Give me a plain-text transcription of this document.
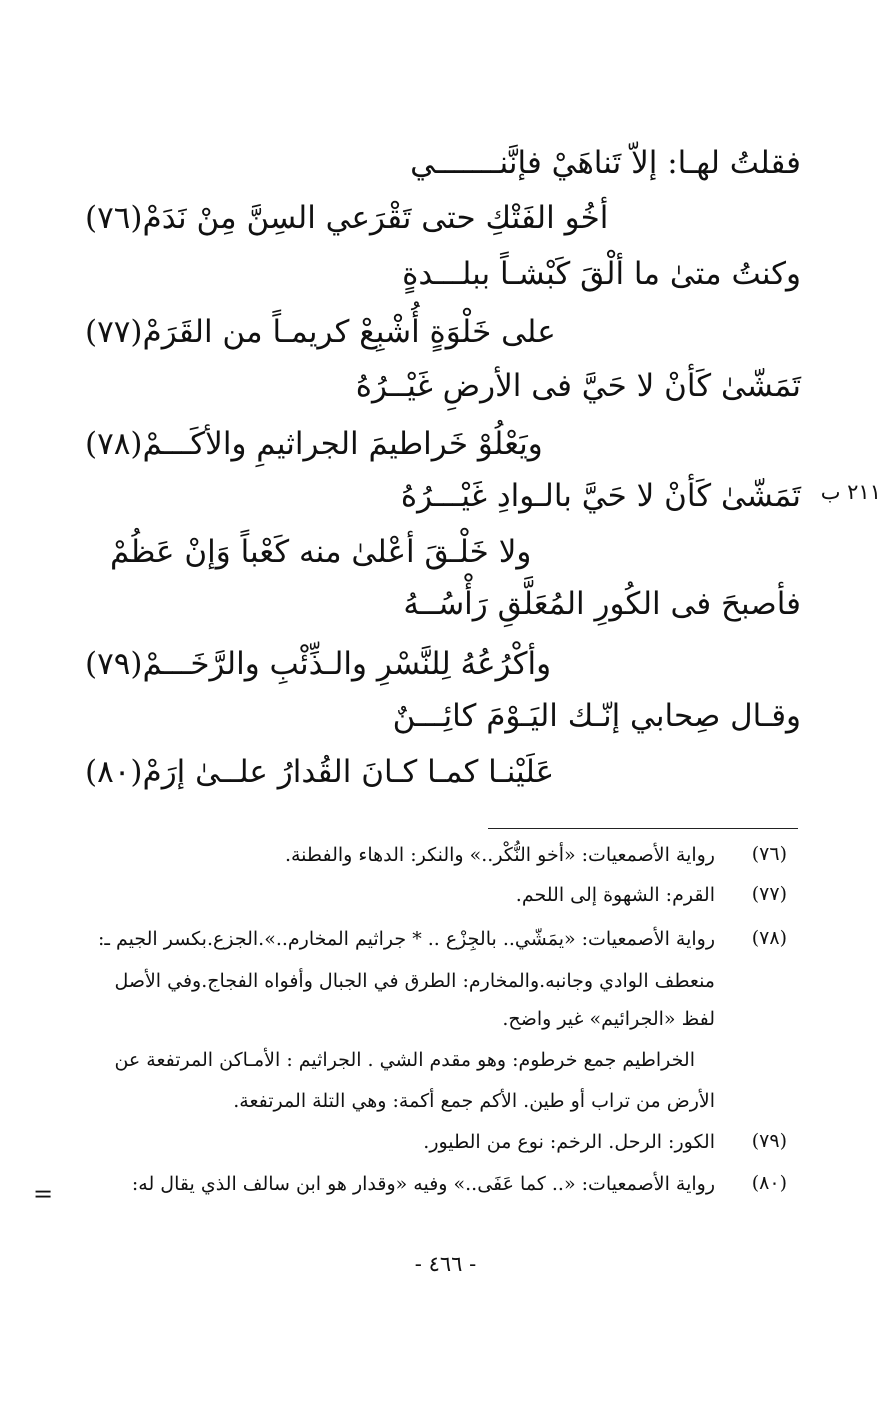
فقلتُ لهـا: إلاّ تَناهَيْ فإنَّنـــــــي
أخُو الفَتْكِ حتى تَقْرَعي السِنَّ مِنْ نَدَمْ(٧٦)
وكنتُ متىٰ ما ألْقَ كَبْشـاً ببلـــدةٍ
على خَلْوَةٍ أُشْبِعْ كريمـاً من القَرَمْ(٧٧)
تَمَشّىٰ كَأنْ لا حَيَّ فى الأرضِ غَيْــرُهُ
ويَعْلُوْ خَراطيمَ الجراثيمِ والأكَـــمْ(٧٨)
تَمَشّىٰ كَأنْ لا حَيَّ بالـوادِ غَيْـــرُهُ
ولا خَلْـقَ أعْلىٰ منه كَعْباً وَإنْ عَظُمْ
فأصبحَ فى الكُورِ المُعَلَّقِ رَأْسُــهُ
وأكْرُعُهُ لِلنَّسْرِ والـذِّئْبِ والرَّخَـــمْ(٧٩)
وقـال صِحابي إنّـك اليَـوْمَ كائِـــنٌ
عَلَيْنـا كمـا كـانَ القُدارُ علــىٰ إرَمْ(٨٠)
٢١١ ب
(٧٦)
رواية الأصمعيات: «أخو النُّكْر..» والنكر: الدهاء والفطنة.
(٧٧)
القرم: الشهوة إلى اللحم.
(٧٨)
رواية الأصمعيات: «يمَشّي.. بالجِزْع .. * جراثيم المخارم..».الجزع.بكسر الجيم ـ:
منعطف الوادي وجانبه.والمخارم: الطرق في الجبال وأفواه الفجاج.وفي الأصل
لفظ «الجرائيم» غير واضح.
الخراطيم جمع خرطوم: وهو مقدم الشي . الجراثيم : الأمـاكن المرتفعة عن
الأرض من تراب أو طين. الأكم جمع أكمة: وهي التلة المرتفعة.
(٧٩)
الكور: الرحل. الرخم: نوع من الطيور.
(٨٠)
رواية الأصمعيات: «.. كما عَفَى..» وفيه «وقدار هو ابن سالف الذي يقال له:
=
- ٤٦٦ -
